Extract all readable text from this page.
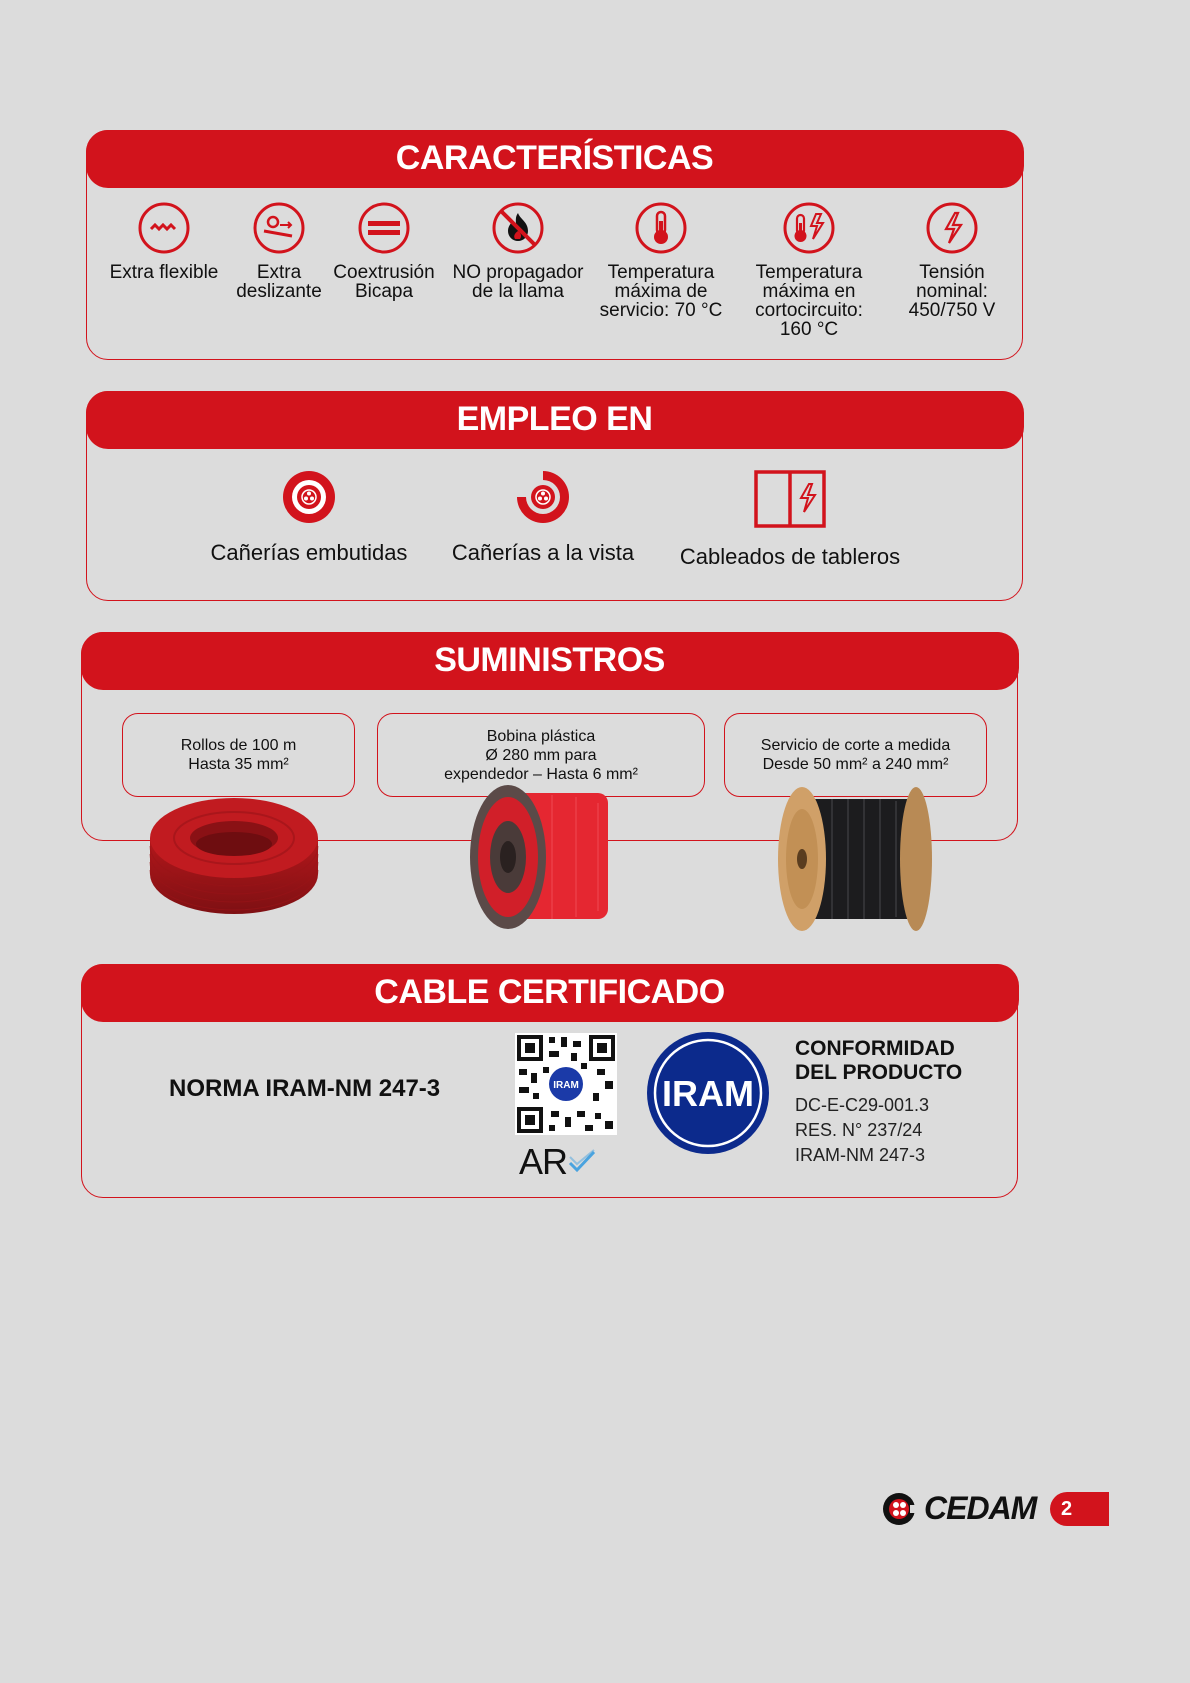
CARACTERÍSTICAS
Extra flexible	Extra
deslizante
Coextrusión
Bicapa
NO propagador
de la llama
Temperatura
máxima de
servicio: 70 °C
Temperatura
máxima en
cortocircuito:
160 °C
Tensión
nominal:
450/750 V
EMPLEO EN
Cañerías embutidas	Cañerías a la vista	Cableados de tableros
SUMINISTROS
Rollos de 100 m
Hasta 35 mm²
Bobina plástica
Ø 280 mm para
expendedor – Hasta 6 mm²
Servicio de corte a medida
Desde 50 mm² a 240 mm²
CABLE CERTIFICADO
NORMA IRAM-NM 247-3	IRAM
AR
IRAM
CONFORMIDAD
DEL PRODUCTO
DC-E-C29-001.3
RES. N° 237/24
IRAM-NM 247-3
CEDAM	2
